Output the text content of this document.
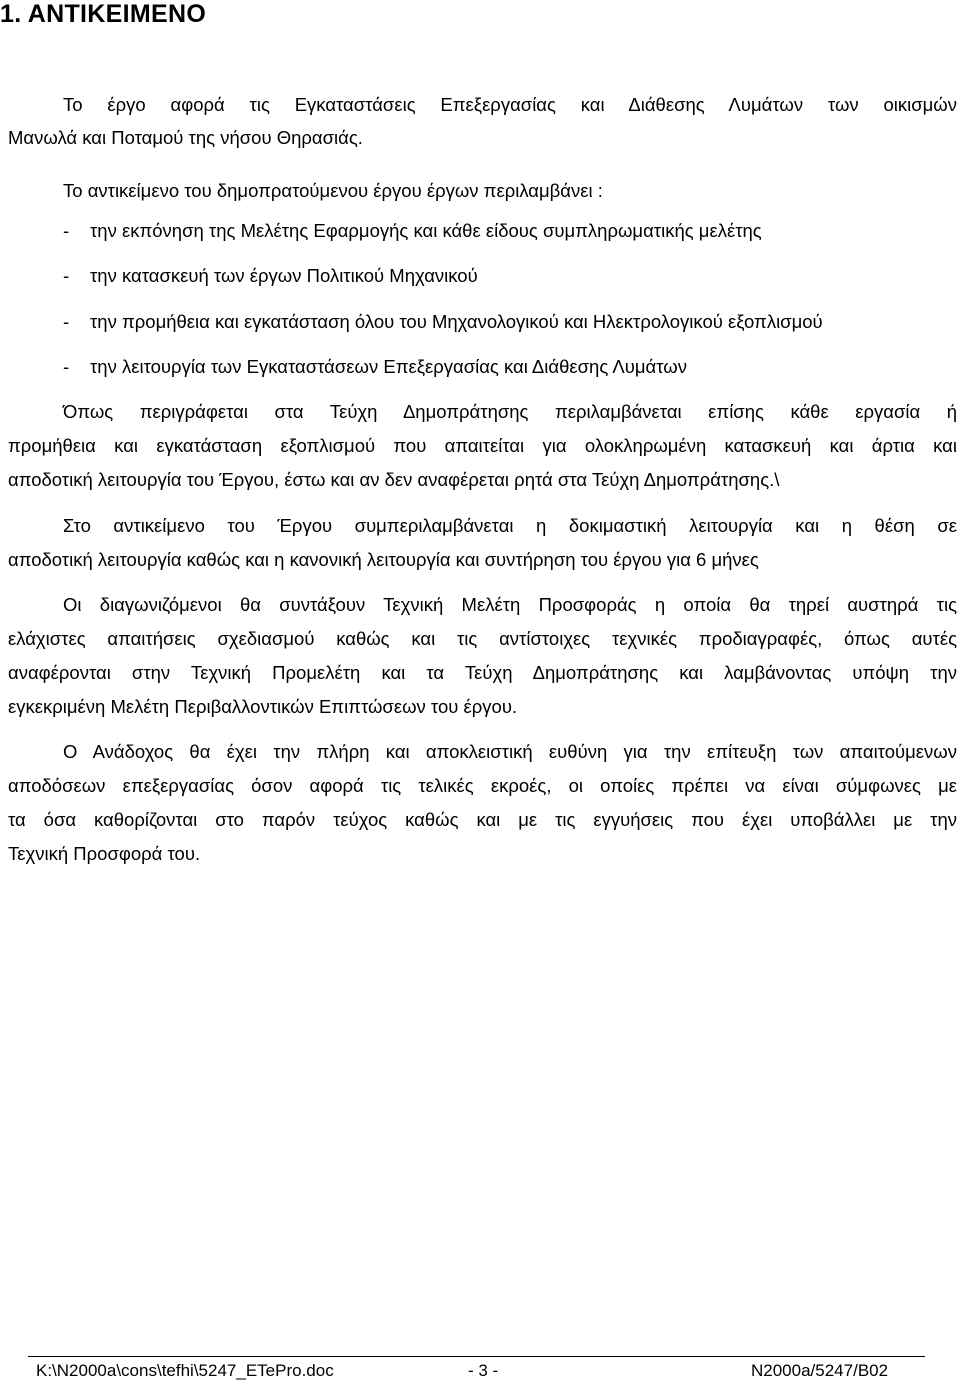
1. ΑΝΤΙΚΕΙΜΕΝΟ
Το έργο αφορά τις Εγκαταστάσεις Επεξεργασίας και Διάθεσης Λυμάτων των οικισμών
Μανωλά και Ποταμού της νήσου Θηρασιάς.
Το αντικείμενο του δημοπρατούμενου έργου έργων περιλαμβάνει :
- την εκπόνηση της Μελέτης Εφαρμογής και κάθε είδους συμπληρωματικής μελέτης
- την κατασκευή των έργων Πολιτικού Μηχανικού
- την προμήθεια και εγκατάσταση όλου του Μηχανολογικού και Ηλεκτρολογικού εξοπλισμού
- την λειτουργία των Εγκαταστάσεων Επεξεργασίας και Διάθεσης Λυμάτων
Όπως περιγράφεται στα Τεύχη Δημοπράτησης περιλαμβάνεται επίσης κάθε εργασία ή
προμήθεια και εγκατάσταση εξοπλισμού που απαιτείται για ολοκληρωμένη κατασκευή και άρτια και
αποδοτική λειτουργία του Έργου, έστω και αν δεν αναφέρεται ρητά στα Τεύχη Δημοπράτησης.\
Στο αντικείμενο του Έργου συμπεριλαμβάνεται η δοκιμαστική λειτουργία και η θέση σε
αποδοτική λειτουργία καθώς και η κανονική λειτουργία και συντήρηση του έργου για 6 μήνες
Οι διαγωνιζόμενοι θα συντάξουν Τεχνική Μελέτη Προσφοράς η οποία θα τηρεί αυστηρά τις
ελάχιστες απαιτήσεις σχεδιασμού καθώς και τις αντίστοιχες τεχνικές προδιαγραφές, όπως αυτές
αναφέρονται στην Τεχνική Προμελέτη και τα Τεύχη Δημοπράτησης και λαμβάνοντας υπόψη την
εγκεκριμένη Μελέτη Περιβαλλοντικών Επιπτώσεων του έργου.
Ο Ανάδοχος θα έχει την πλήρη και αποκλειστική ευθύνη για την επίτευξη των απαιτούμενων
αποδόσεων επεξεργασίας όσον αφορά τις τελικές εκροές, οι οποίες πρέπει να είναι σύμφωνες με
τα όσα καθορίζονται στο παρόν τεύχος καθώς και με τις εγγυήσεις που έχει υποβάλλει με την
Τεχνική Προσφορά του.
K:\N2000a\cons\tefhi\5247_ETePro.doc	- 3 -	N2000a/5247/B02
